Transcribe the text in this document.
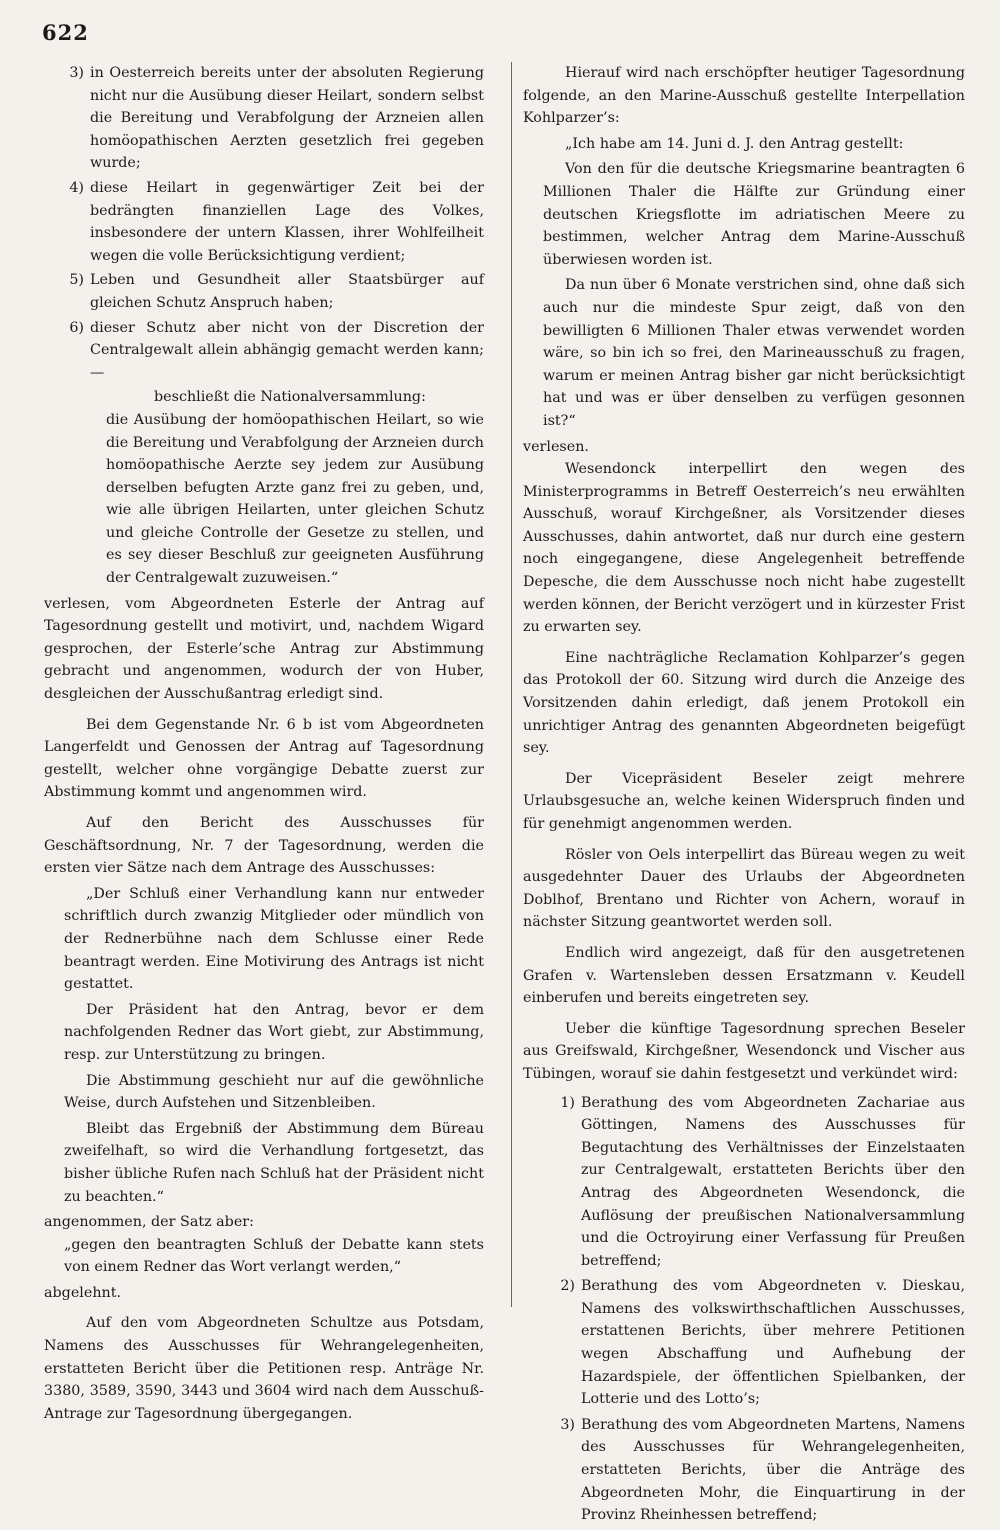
622
3) in Oesterreich bereits unter der absoluten Regierung nicht nur die Ausübung dieser Heilart, sondern selbst die Bereitung und Verabfolgung der Arzneien allen homöopathischen Aerzten gesetzlich frei gegeben wurde;
4) diese Heilart in gegenwärtiger Zeit bei der bedrängten finanziellen Lage des Volkes, insbesondere der untern Klassen, ihrer Wohlfeilheit wegen die volle Berücksichtigung verdient;
5) Leben und Gesundheit aller Staatsbürger auf gleichen Schutz Anspruch haben;
6) dieser Schutz aber nicht von der Discretion der Centralgewalt allein abhängig gemacht werden kann; —

beschließt die Nationalversammlung:

die Ausübung der homöopathischen Heilart, so wie die Bereitung und Verabfolgung der Arzneien durch homöopathische Aerzte sey jedem zur Ausübung derselben befugten Arzte ganz frei zu geben, und, wie alle übrigen Heilarten, unter gleichen Schutz und gleiche Controlle der Gesetze zu stellen, und es sey dieser Beschluß zur geeigneten Ausführung der Centralgewalt zuzuweisen.“

verlesen, vom Abgeordneten Esterle der Antrag auf Tagesordnung gestellt und motivirt, und, nachdem Wigard gesprochen, der Esterle’sche Antrag zur Abstimmung gebracht und angenommen, wodurch der von Huber, desgleichen der Ausschußantrag erledigt sind.

Bei dem Gegenstande Nr. 6 b ist vom Abgeordneten Langerfeldt und Genossen der Antrag auf Tagesordnung gestellt, welcher ohne vorgängige Debatte zuerst zur Abstimmung kommt und angenommen wird.

Auf den Bericht des Ausschusses für Geschäftsordnung, Nr. 7 der Tagesordnung, werden die ersten vier Sätze nach dem Antrage des Ausschusses:

„Der Schluß einer Verhandlung kann nur entweder schriftlich durch zwanzig Mitglieder oder mündlich von der Rednerbühne nach dem Schlusse einer Rede beantragt werden. Eine Motivirung des Antrags ist nicht gestattet.

Der Präsident hat den Antrag, bevor er dem nachfolgenden Redner das Wort giebt, zur Abstimmung, resp. zur Unterstützung zu bringen.

Die Abstimmung geschieht nur auf die gewöhnliche Weise, durch Aufstehen und Sitzenbleiben.

Bleibt das Ergebniß der Abstimmung dem Büreau zweifelhaft, so wird die Verhandlung fortgesetzt, das bisher übliche Rufen nach Schluß hat der Präsident nicht zu beachten.“

angenommen, der Satz aber:

„gegen den beantragten Schluß der Debatte kann stets von einem Redner das Wort verlangt werden,“

abgelehnt.

Auf den vom Abgeordneten Schultze aus Potsdam, Namens des Ausschusses für Wehrangelegenheiten, erstatteten Bericht über die Petitionen resp. Anträge Nr. 3380, 3589, 3590, 3443 und 3604 wird nach dem Ausschuß-Antrage zur Tagesordnung übergegangen.

Hierauf wird nach erschöpfter heutiger Tagesordnung folgende, an den Marine-Ausschuß gestellte Interpellation Kohlparzer’s:

„Ich habe am 14. Juni d. J. den Antrag gestellt:

Von den für die deutsche Kriegsmarine beantragten 6 Millionen Thaler die Hälfte zur Gründung einer deutschen Kriegsflotte im adriatischen Meere zu bestimmen, welcher Antrag dem Marine-Ausschuß überwiesen worden ist.

Da nun über 6 Monate verstrichen sind, ohne daß sich auch nur die mindeste Spur zeigt, daß von den bewilligten 6 Millionen Thaler etwas verwendet worden wäre, so bin ich so frei, den Marineausschuß zu fragen, warum er meinen Antrag bisher gar nicht berücksichtigt hat und was er über denselben zu verfügen gesonnen ist?“

verlesen.

Wesendonck interpellirt den wegen des Ministerprogramms in Betreff Oesterreich’s neu erwählten Ausschuß, worauf Kirchgeßner, als Vorsitzender dieses Ausschusses, dahin antwortet, daß nur durch eine gestern noch eingegangene, diese Angelegenheit betreffende Depesche, die dem Ausschusse noch nicht habe zugestellt werden können, der Bericht verzögert und in kürzester Frist zu erwarten sey.

Eine nachträgliche Reclamation Kohlparzer’s gegen das Protokoll der 60. Sitzung wird durch die Anzeige des Vorsitzenden dahin erledigt, daß jenem Protokoll ein unrichtiger Antrag des genannten Abgeordneten beigefügt sey.

Der Vicepräsident Beseler zeigt mehrere Urlaubsgesuche an, welche keinen Widerspruch finden und für genehmigt angenommen werden.

Rösler von Oels interpellirt das Büreau wegen zu weit ausgedehnter Dauer des Urlaubs der Abgeordneten Doblhof, Brentano und Richter von Achern, worauf in nächster Sitzung geantwortet werden soll.

Endlich wird angezeigt, daß für den ausgetretenen Grafen v. Wartensleben dessen Ersatzmann v. Keudell einberufen und bereits eingetreten sey.

Ueber die künftige Tagesordnung sprechen Beseler aus Greifswald, Kirchgeßner, Wesendonck und Vischer aus Tübingen, worauf sie dahin festgesetzt und verkündet wird:

1) Berathung des vom Abgeordneten Zachariae aus Göttingen, Namens des Ausschusses für Begutachtung des Verhältnisses der Einzelstaaten zur Centralgewalt, erstatteten Berichts über den Antrag des Abgeordneten Wesendonck, die Auflösung der preußischen Nationalversammlung und die Octroyirung einer Verfassung für Preußen betreffend;
2) Berathung des vom Abgeordneten v. Dieskau, Namens des volkswirthschaftlichen Ausschusses, erstattenen Berichts, über mehrere Petitionen wegen Abschaffung und Aufhebung der Hazardspiele, der öffentlichen Spielbanken, der Lotterie und des Lotto’s;
3) Berathung des vom Abgeordneten Martens, Namens des Ausschusses für Wehrangelegenheiten, erstatteten Berichts, über die Anträge des Abgeordneten Mohr, die Einquartirung in der Provinz Rheinhessen betreffend;
